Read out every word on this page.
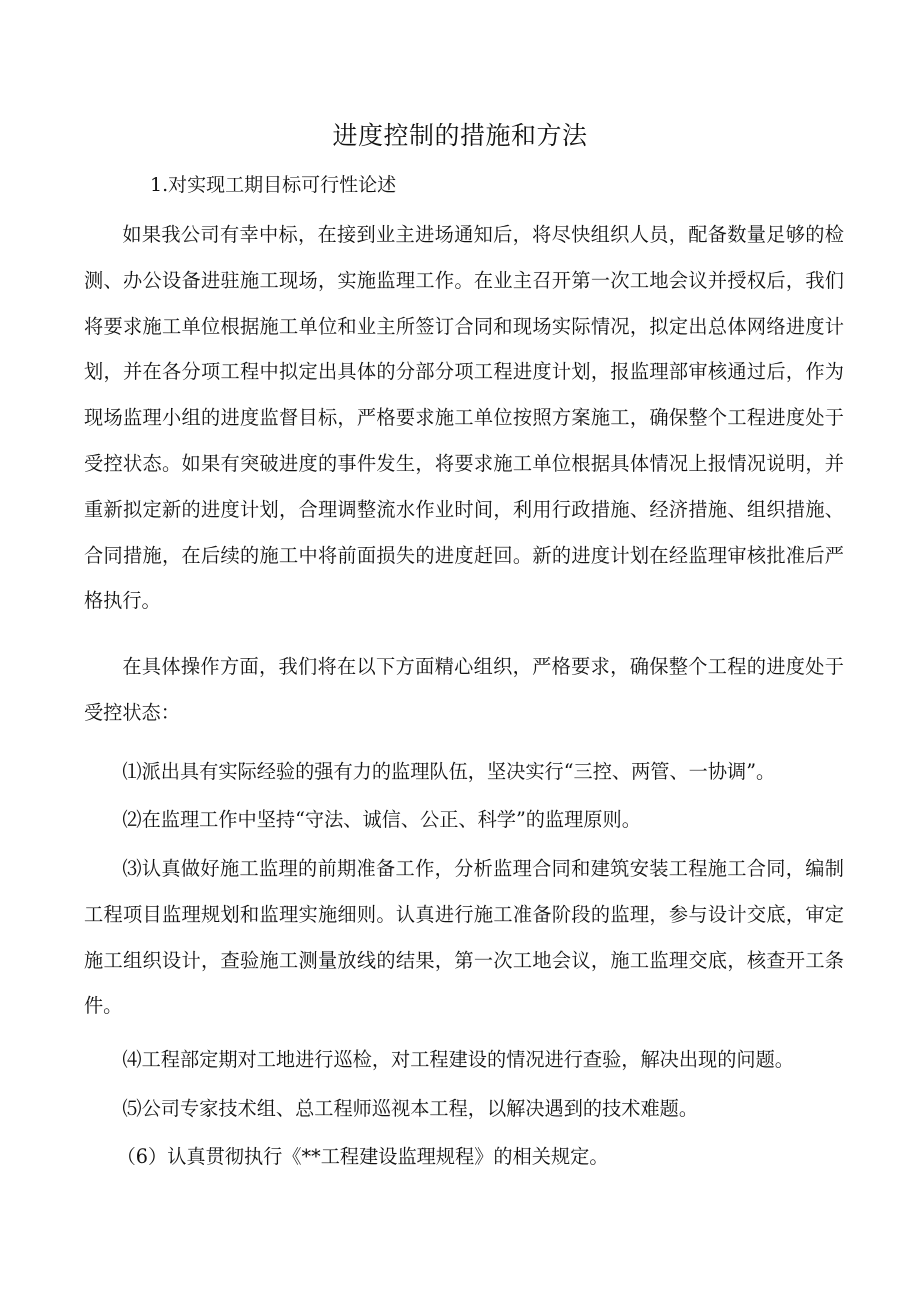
进度控制的措施和方法
1.对实现工期目标可行性论述

如果我公司有幸中标，在接到业主进场通知后，将尽快组织人员，配备数量足够的检测、办公设备进驻施工现场，实施监理工作。在业主召开第一次工地会议并授权后，我们将要求施工单位根据施工单位和业主所签订合同和现场实际情况，拟定出总体网络进度计划，并在各分项工程中拟定出具体的分部分项工程进度计划，报监理部审核通过后，作为现场监理小组的进度监督目标，严格要求施工单位按照方案施工，确保整个工程进度处于受控状态。如果有突破进度的事件发生，将要求施工单位根据具体情况上报情况说明，并重新拟定新的进度计划，合理调整流水作业时间，利用行政措施、经济措施、组织措施、合同措施，在后续的施工中将前面损失的进度赶回。新的进度计划在经监理审核批准后严格执行。

在具体操作方面，我们将在以下方面精心组织，严格要求，确保整个工程的进度处于受控状态：

⑴派出具有实际经验的强有力的监理队伍，坚决实行“三控、两管、一协调”。

⑵在监理工作中坚持“守法、诚信、公正、科学”的监理原则。

⑶认真做好施工监理的前期准备工作，分析监理合同和建筑安装工程施工合同，编制工程项目监理规划和监理实施细则。认真进行施工准备阶段的监理，参与设计交底，审定施工组织设计，查验施工测量放线的结果，第一次工地会议，施工监理交底，核查开工条件。

⑷工程部定期对工地进行巡检，对工程建设的情况进行查验，解决出现的问题。

⑸公司专家技术组、总工程师巡视本工程，以解决遇到的技术难题。

（6）认真贯彻执行《**工程建设监理规程》的相关规定。
